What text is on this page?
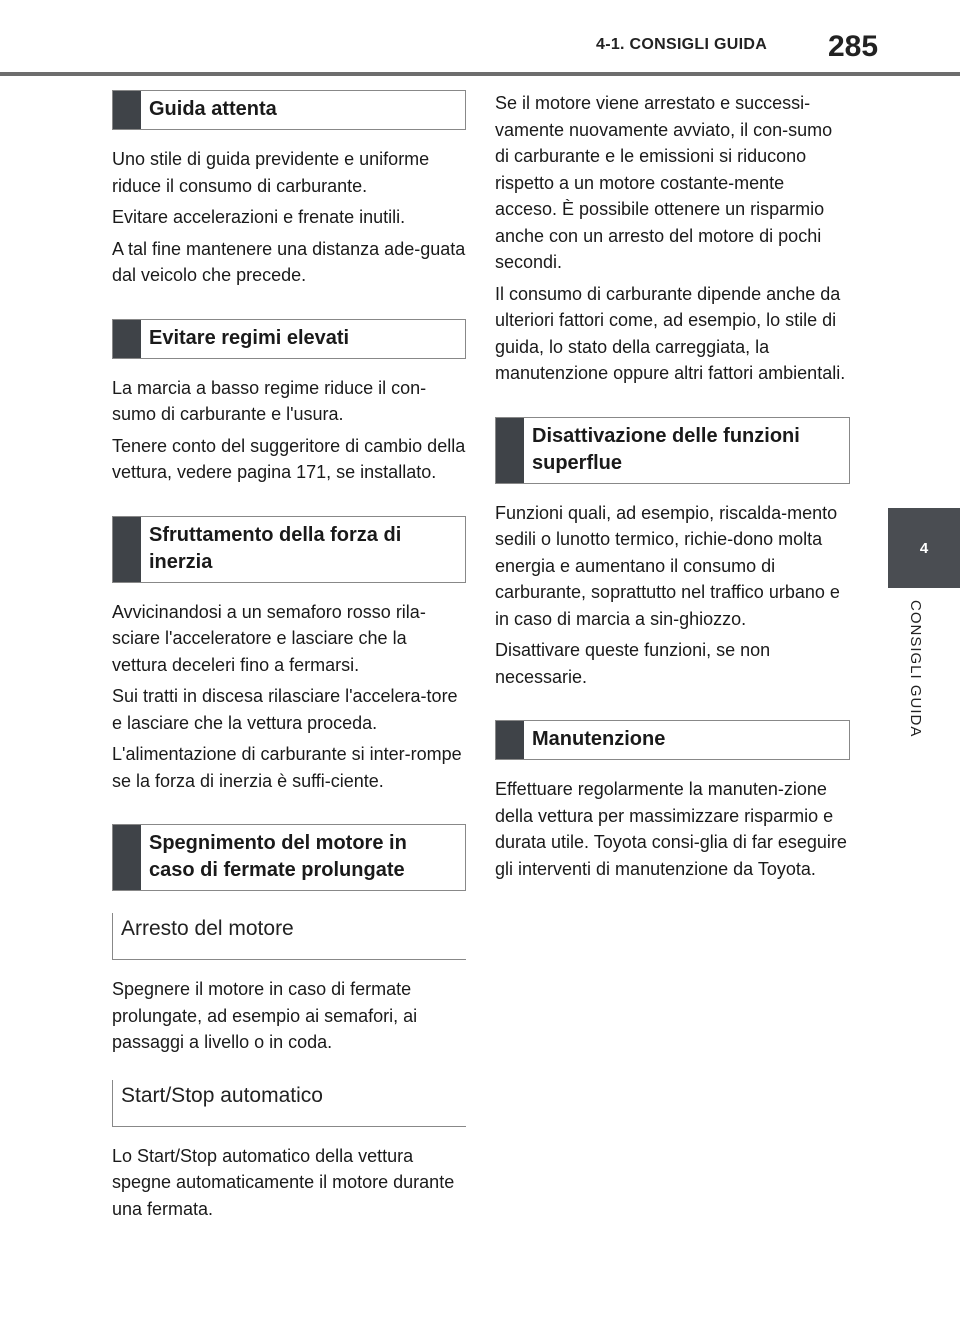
4-1. CONSIGLI GUIDA 285
4
CONSIGLI GUIDA
Guida attenta

Uno stile di guida previdente e uniforme riduce il consumo di carburante.

Evitare accelerazioni e frenate inutili.

A tal fine mantenere una distanza ade-guata dal veicolo che precede.

Evitare regimi elevati

La marcia a basso regime riduce il con-sumo di carburante e l'usura.

Tenere conto del suggeritore di cambio della vettura, vedere pagina 171, se installato.

Sfruttamento della forza di inerzia

Avvicinandosi a un semaforo rosso rila-sciare l'acceleratore e lasciare che la vettura deceleri fino a fermarsi.

Sui tratti in discesa rilasciare l'accelera-tore e lasciare che la vettura proceda.

L'alimentazione di carburante si inter-rompe se la forza di inerzia è suffi-ciente.

Spegnimento del motore in caso di fermate prolungate
Arresto del motore

Spegnere il motore in caso di fermate prolungate, ad esempio ai semafori, ai passaggi a livello o in coda.

Start/Stop automatico

Lo Start/Stop automatico della vettura spegne automaticamente il motore durante una fermata.

Se il motore viene arrestato e successi-vamente nuovamente avviato, il con-sumo di carburante e le emissioni si riducono rispetto a un motore costante-mente acceso. È possibile ottenere un risparmio anche con un arresto del motore di pochi secondi.

Il consumo di carburante dipende anche da ulteriori fattori come, ad esempio, lo stile di guida, lo stato della carreggiata, la manutenzione oppure altri fattori ambientali.

Disattivazione delle funzioni superflue

Funzioni quali, ad esempio, riscalda-mento sedili o lunotto termico, richie-dono molta energia e aumentano il consumo di carburante, soprattutto nel traffico urbano e in caso di marcia a sin-ghiozzo.

Disattivare queste funzioni, se non necessarie.

Manutenzione

Effettuare regolarmente la manuten-zione della vettura per massimizzare risparmio e durata utile. Toyota consi-glia di far eseguire gli interventi di manutenzione da Toyota.
